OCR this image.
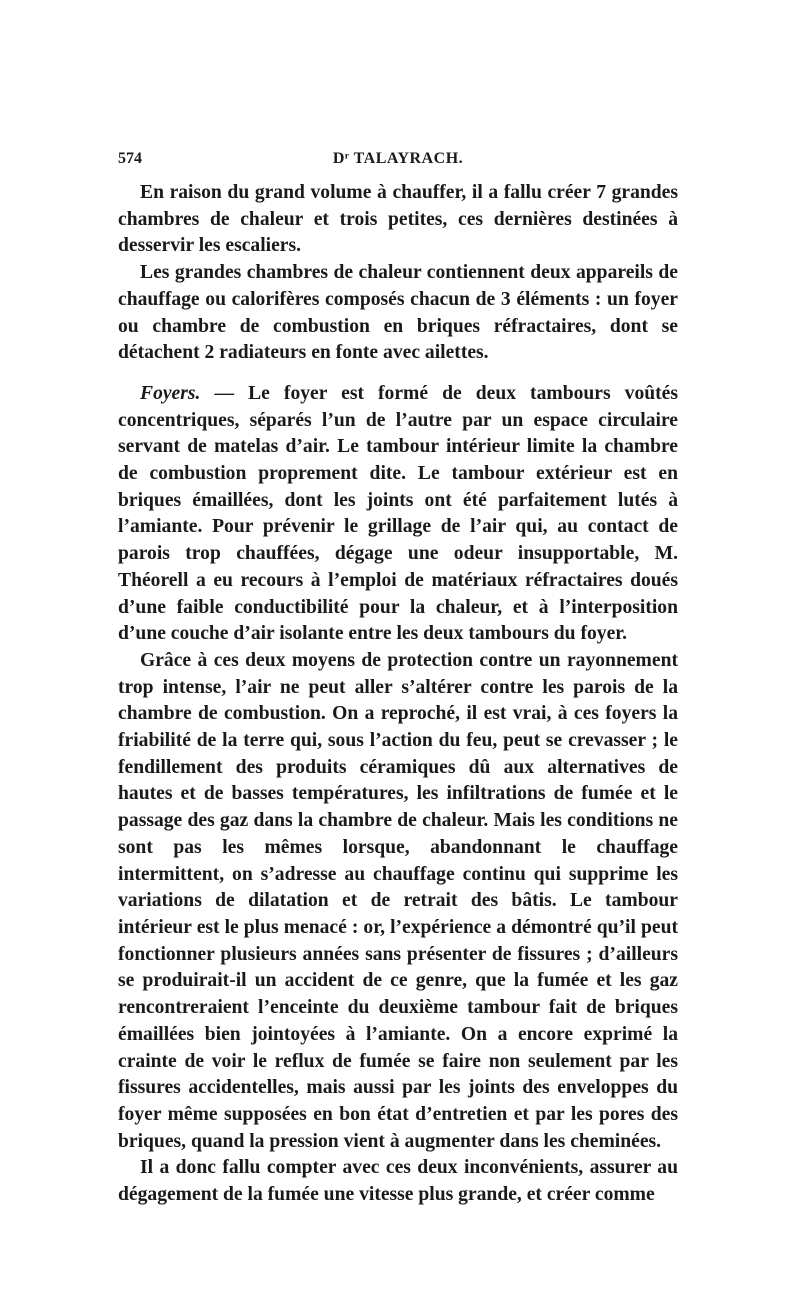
574	Dʳ TALAYRACH.

En raison du grand volume à chauffer, il a fallu créer 7 grandes chambres de chaleur et trois petites, ces dernières destinées à desservir les escaliers.

Les grandes chambres de chaleur contiennent deux appareils de chauffage ou calorifères composés chacun de 3 éléments : un foyer ou chambre de combustion en briques réfractaires, dont se détachent 2 radiateurs en fonte avec ailettes.

Foyers. — Le foyer est formé de deux tambours voûtés concentriques, séparés l’un de l’autre par un espace circulaire servant de matelas d’air. Le tambour intérieur limite la chambre de combustion proprement dite. Le tambour extérieur est en briques émaillées, dont les joints ont été parfaitement lutés à l’amiante. Pour prévenir le grillage de l’air qui, au contact de parois trop chauffées, dégage une odeur insupportable, M. Théorell a eu recours à l’emploi de matériaux réfractaires doués d’une faible conductibilité pour la chaleur, et à l’interposition d’une couche d’air isolante entre les deux tambours du foyer.

Grâce à ces deux moyens de protection contre un rayonnement trop intense, l’air ne peut aller s’altérer contre les parois de la chambre de combustion. On a reproché, il est vrai, à ces foyers la friabilité de la terre qui, sous l’action du feu, peut se crevasser ; le fendillement des produits céramiques dû aux alternatives de hautes et de basses températures, les infiltrations de fumée et le passage des gaz dans la chambre de chaleur. Mais les conditions ne sont pas les mêmes lorsque, abandonnant le chauffage intermittent, on s’adresse au chauffage continu qui supprime les variations de dilatation et de retrait des bâtis. Le tambour intérieur est le plus menacé : or, l’expérience a démontré qu’il peut fonctionner plusieurs années sans présenter de fissures ; d’ailleurs se produirait-il un accident de ce genre, que la fumée et les gaz rencontreraient l’enceinte du deuxième tambour fait de briques émaillées bien jointoyées à l’amiante. On a encore exprimé la crainte de voir le reflux de fumée se faire non seulement par les fissures accidentelles, mais aussi par les joints des enveloppes du foyer même supposées en bon état d’entretien et par les pores des briques, quand la pression vient à augmenter dans les cheminées.

Il a donc fallu compter avec ces deux inconvénients, assurer au dégagement de la fumée une vitesse plus grande, et créer comme
